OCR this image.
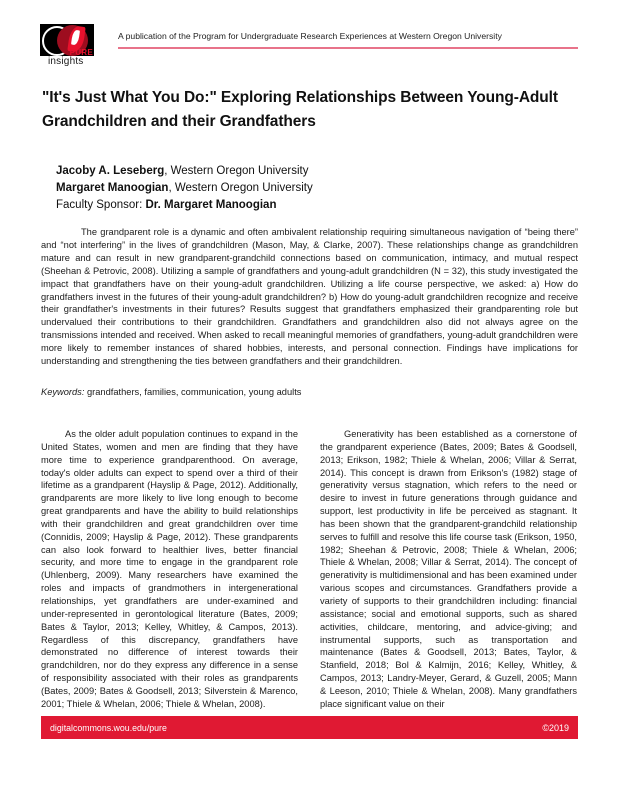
PURE
insights
A publication of the Program for Undergraduate Research Experiences at Western Oregon University
"It's Just What You Do:" Exploring Relationships Between Young-Adult Grandchildren and their Grandfathers
Jacoby A. Leseberg, Western Oregon University
Margaret Manoogian, Western Oregon University
Faculty Sponsor: Dr. Margaret Manoogian
The grandparent role is a dynamic and often ambivalent relationship requiring simultaneous navigation of “being there” and “not interfering” in the lives of grandchildren (Mason, May, & Clarke, 2007). These relationships change as grandchildren mature and can result in new grandparent-grandchild connections based on communication, intimacy, and mutual respect (Sheehan & Petrovic, 2008). Utilizing a sample of grandfathers and young-adult grandchildren (N = 32), this study investigated the impact that grandfathers have on their young-adult grandchildren. Utilizing a life course perspective, we asked: a) How do grandfathers invest in the futures of their young-adult grandchildren? b) How do young-adult grandchildren recognize and receive their grandfather's investments in their futures? Results suggest that grandfathers emphasized their grandparenting role but undervalued their contributions to their grandchildren. Grandfathers and grandchildren also did not always agree on the transmissions intended and received. When asked to recall meaningful memories of grandfathers, young-adult grandchildren were more likely to remember instances of shared hobbies, interests, and personal connection. Findings have implications for understanding and strengthening the ties between grandfathers and their grandchildren.
Keywords: grandfathers, families, communication, young adults

As the older adult population continues to expand in the United States, women and men are finding that they have more time to experience grandparenthood. On average, today's older adults can expect to spend over a third of their lifetime as a grandparent (Hayslip & Page, 2012). Additionally, grandparents are more likely to live long enough to become great grandparents and have the ability to build relationships with their grandchildren and great grandchildren over time (Connidis, 2009; Hayslip & Page, 2012). These grandparents can also look forward to healthier lives, better financial security, and more time to engage in the grandparent role (Uhlenberg, 2009). Many researchers have examined the roles and impacts of grandmothers in intergenerational relationships, yet grandfathers are under-examined and under-represented in gerontological literature (Bates, 2009; Bates & Taylor, 2013; Kelley, Whitley, & Campos, 2013). Regardless of this discrepancy, grandfathers have demonstrated no difference of interest towards their grandchildren, nor do they express any difference in a sense of responsibility associated with their roles as grandparents (Bates, 2009; Bates & Goodsell, 2013; Silverstein & Marenco, 2001; Thiele & Whelan, 2006; Thiele & Whelan, 2008).

Generativity has been established as a cornerstone of the grandparent experience (Bates, 2009; Bates & Goodsell, 2013; Erikson, 1982; Thiele & Whelan, 2006; Villar & Serrat, 2014). This concept is drawn from Erikson's (1982) stage of generativity versus stagnation, which refers to the need or desire to invest in future generations through guidance and support, lest productivity in life be perceived as stagnant. It has been shown that the grandparent-grandchild relationship serves to fulfill and resolve this life course task (Erikson, 1950, 1982; Sheehan & Petrovic, 2008; Thiele & Whelan, 2006; Thiele & Whelan, 2008; Villar & Serrat, 2014). The concept of generativity is multidimensional and has been examined under various scopes and circumstances. Grandfathers provide a variety of supports to their grandchildren including: financial assistance; social and emotional supports, such as shared activities, childcare, mentoring, and advice-giving; and instrumental supports, such as transportation and maintenance (Bates & Goodsell, 2013; Bates, Taylor, & Stanfield, 2018; Bol & Kalmijn, 2016; Kelley, Whitley, & Campos, 2013; Landry-Meyer, Gerard, & Guzell, 2005; Mann & Leeson, 2010; Thiele & Whelan, 2008). Many grandfathers place significant value on their

digitalcommons.wou.edu/pure	©2019
